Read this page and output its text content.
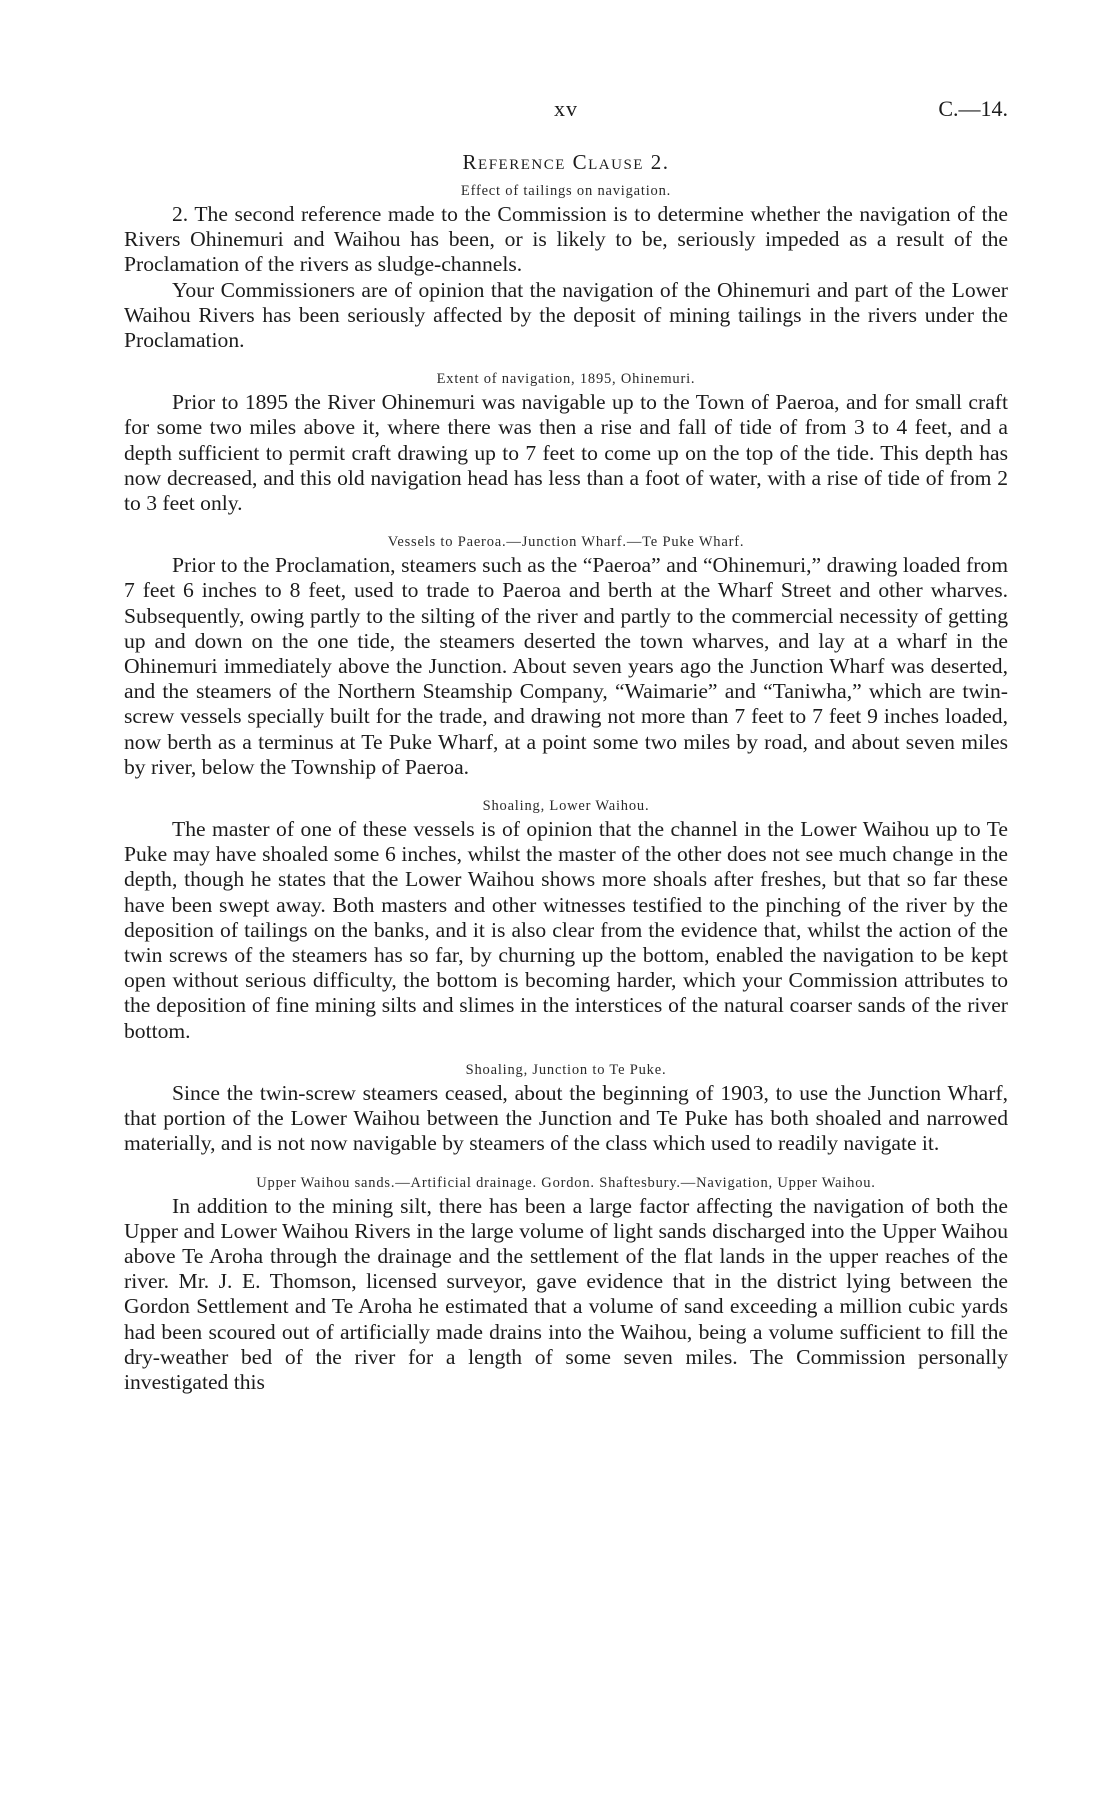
xv	C.—14.
Reference Clause 2.
Effect of tailings on navigation.

2. The second reference made to the Commission is to determine whether the navigation of the Rivers Ohinemuri and Waihou has been, or is likely to be, seriously impeded as a result of the Proclamation of the rivers as sludge-channels.

Your Commissioners are of opinion that the navigation of the Ohinemuri and part of the Lower Waihou Rivers has been seriously affected by the deposit of mining tailings in the rivers under the Proclamation.

Extent of navigation, 1895, Ohinemuri.

Prior to 1895 the River Ohinemuri was navigable up to the Town of Paeroa, and for small craft for some two miles above it, where there was then a rise and fall of tide of from 3 to 4 feet, and a depth sufficient to permit craft drawing up to 7 feet to come up on the top of the tide. This depth has now decreased, and this old navigation head has less than a foot of water, with a rise of tide of from 2 to 3 feet only.

Vessels to Paeroa.—Junction Wharf.—Te Puke Wharf.

Prior to the Proclamation, steamers such as the “Paeroa” and “Ohinemuri,” drawing loaded from 7 feet 6 inches to 8 feet, used to trade to Paeroa and berth at the Wharf Street and other wharves. Subsequently, owing partly to the silting of the river and partly to the commercial necessity of getting up and down on the one tide, the steamers deserted the town wharves, and lay at a wharf in the Ohinemuri immediately above the Junction. About seven years ago the Junction Wharf was deserted, and the steamers of the Northern Steamship Company, “Waimarie” and “Taniwha,” which are twin-screw vessels specially built for the trade, and drawing not more than 7 feet to 7 feet 9 inches loaded, now berth as a terminus at Te Puke Wharf, at a point some two miles by road, and about seven miles by river, below the Township of Paeroa.

Shoaling, Lower Waihou.

The master of one of these vessels is of opinion that the channel in the Lower Waihou up to Te Puke may have shoaled some 6 inches, whilst the master of the other does not see much change in the depth, though he states that the Lower Waihou shows more shoals after freshes, but that so far these have been swept away. Both masters and other witnesses testified to the pinching of the river by the deposition of tailings on the banks, and it is also clear from the evidence that, whilst the action of the twin screws of the steamers has so far, by churning up the bottom, enabled the navigation to be kept open without serious difficulty, the bottom is becoming harder, which your Commission attributes to the deposition of fine mining silts and slimes in the interstices of the natural coarser sands of the river bottom.

Shoaling, Junction to Te Puke.

Since the twin-screw steamers ceased, about the beginning of 1903, to use the Junction Wharf, that portion of the Lower Waihou between the Junction and Te Puke has both shoaled and narrowed materially, and is not now navigable by steamers of the class which used to readily navigate it.

Upper Waihou sands.—Artificial drainage. Gordon. Shaftesbury.—Navigation, Upper Waihou.

In addition to the mining silt, there has been a large factor affecting the navigation of both the Upper and Lower Waihou Rivers in the large volume of light sands discharged into the Upper Waihou above Te Aroha through the drainage and the settlement of the flat lands in the upper reaches of the river. Mr. J. E. Thomson, licensed surveyor, gave evidence that in the district lying between the Gordon Settlement and Te Aroha he estimated that a volume of sand exceeding a million cubic yards had been scoured out of artificially made drains into the Waihou, being a volume sufficient to fill the dry-weather bed of the river for a length of some seven miles. The Commission personally investigated this
